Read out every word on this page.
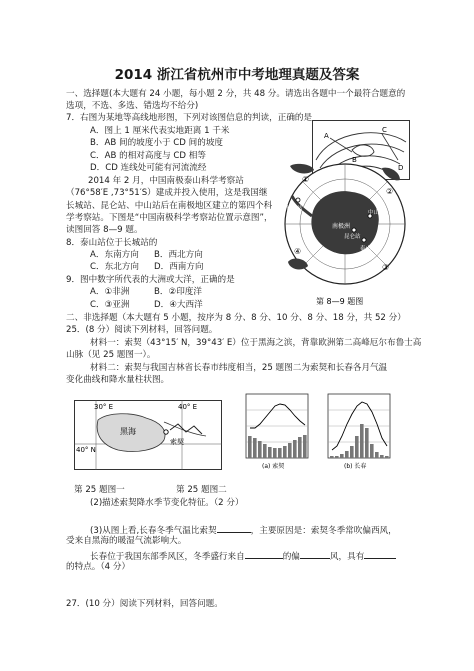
2014 浙江省杭州市中考地理真题及答案
一、选择题(本大题有 24 小题，每小题 2 分，共 48 分。请选出各题中一个最符合题意的
选项，不选、多选、错选均不给分)
7．右图为某地等高线地形图，下列对该图信息的判读，正确的是
A．图上 1 厘米代表实地距离 1 千米
B．AB 间的坡度小于 CD 间的坡度
C．AB 的相对高度与 CD 相等
D．CD 连线处可能有河流流经
A
B
C
D
2014 年 2 月，中国南极泰山科学考察站
（76°58′E ,73°51′S）建成并投入使用，这是我国继
长城站、昆仑站、中山站后在南极地区建立的第四个科
学考察站。下图是“中国南极科学考察站位置示意图”，
读图回答 8—9 题。
8．泰山站位于长城站的
A．东南方向 B．西北方向
C．东北方向 D．西南方向
9．图中数字所代表的大洲或大洋，正确的是
A．①非洲	B．②印度洋
C．③亚洲	D．④大西洋
①
②
③
④
南极洲
长城站
中山站
昆仑站
泰山站
第 8—9 题图
二、非选择题（本大题有 5 小题，按序为 8 分、8 分、10 分、8 分、18 分，共 52 分）
25．(8 分）阅读下列材料，回答问题。
材料一：索契（43°15′ N，39°43′ E）位于黑海之滨，背靠欧洲第二高峰厄尔布鲁士高
山脉（见 25 题图一）。
材料二：索契与我国吉林省长春市纬度相当，25 题图二为索契和长春各月气温
变化曲线和降水量柱状图。
30° E	40° E
40° N
黑海
索契
(a) 索契	(b) 长春
第 25 题图一	第 25 题图二
(2)描述索契降水季节变化特征。（2 分）
(3)从图上看,长春冬季气温比索契	，主要原因是：索契冬季常吹偏西风，
受来自黑海的暖湿气流影响大。
长春位于我国东部季风区，冬季盛行来自	的偏	风，具有
的特点。（4 分）
27．(10 分）阅读下列材料，回答问题。
